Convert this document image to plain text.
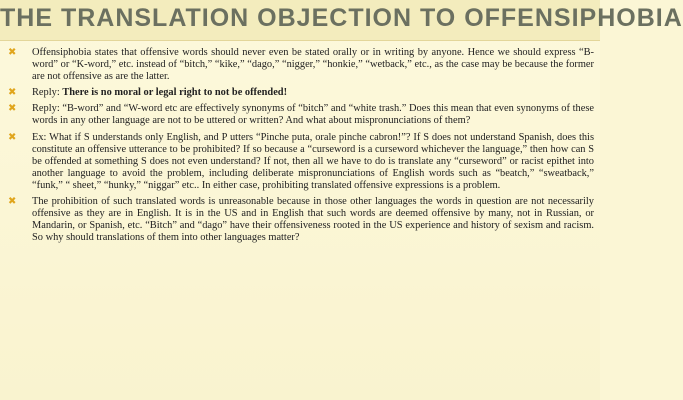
THE TRANSLATION OBJECTION TO OFFENSIPHOBIA

✖ Offensiphobia states that offensive words should never even be stated orally or in writing by anyone. Hence we should express “B-word” or “K-word,” etc. instead of “bitch,” “kike,” “dago,” “nigger,” “honkie,” “wetback,” etc., as the case may be because the former are not offensive as are the latter.

✖ Reply: There is no moral or legal right to not be offended!

✖ Reply: “B-word” and “W-word etc are effectively synonyms of “bitch” and “white trash.” Does this mean that even synonyms of these words in any other language are not to be uttered or written? And what about mispronunciations of them?

✖ Ex: What if S understands only English, and P utters “Pinche puta, orale pinche cabron!”? If S does not understand Spanish, does this constitute an offensive utterance to be prohibited? If so because a “curseword is a curseword whichever the language,” then how can S be offended at something S does not even understand? If not, then all we have to do is translate any “curseword” or racist epithet into another language to avoid the problem, including deliberate mispronunciations of English words such as “beatch,” “sweatback,” “funk,” “ sheet,” “hunky,” “niggar” etc.. In either case, prohibiting translated offensive expressions is a problem.

✖ The prohibition of such translated words is unreasonable because in those other languages the words in question are not necessarily offensive as they are in English. It is in the US and in English that such words are deemed offensive by many, not in Russian, or Mandarin, or Spanish, etc. “Bitch” and “dago” have their offensiveness rooted in the US experience and history of sexism and racism. So why should translations of them into other languages matter?
